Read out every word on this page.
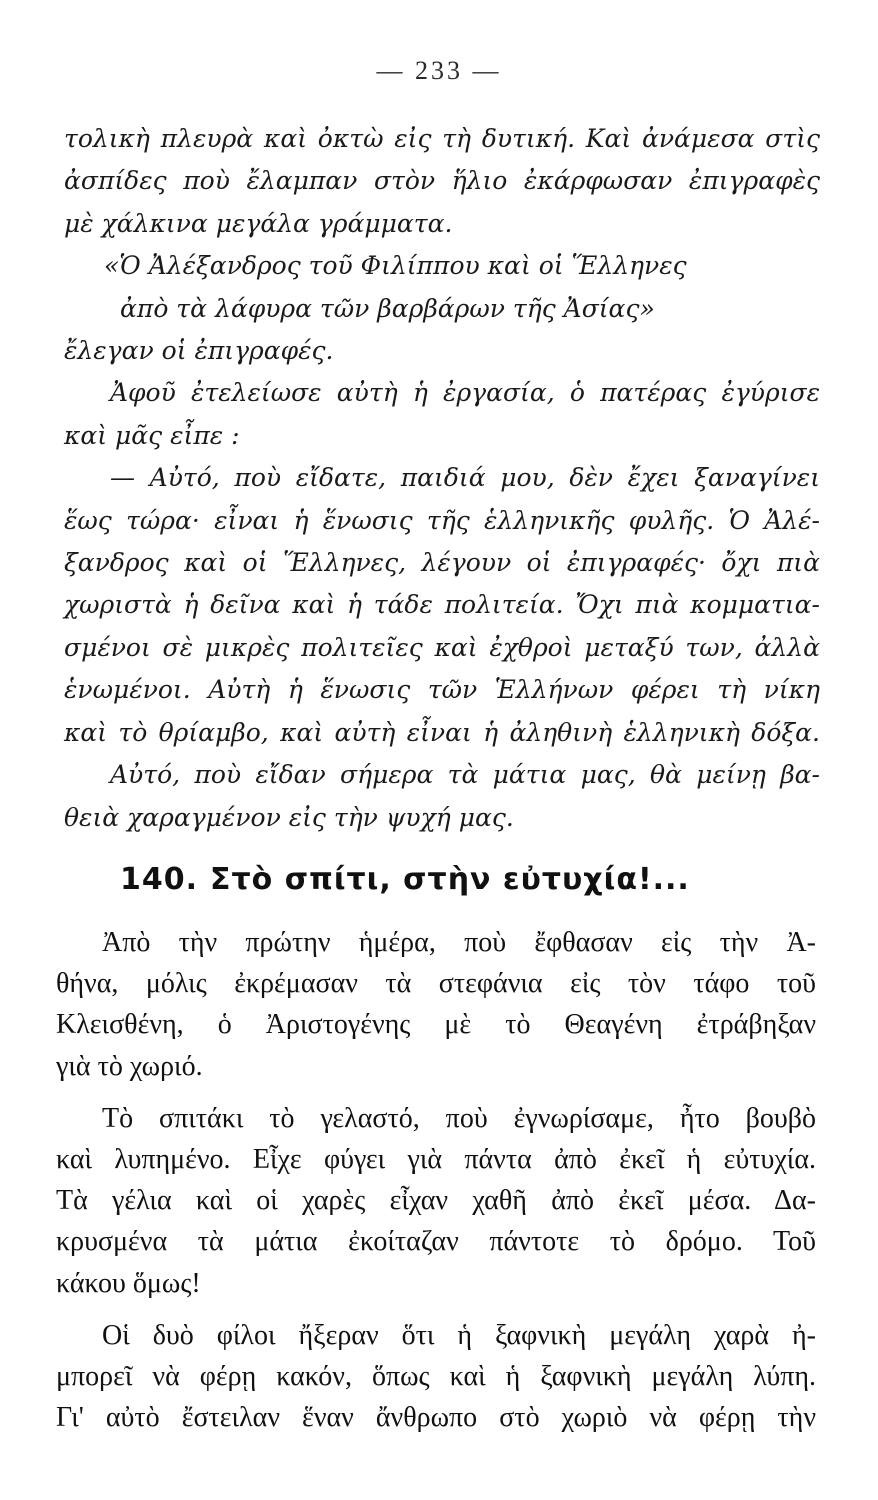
— 233 —
τολικὴ πλευρὰ καὶ ὀκτὼ εἰς τὴ δυτική. Καὶ ἀνάμεσα στὶς
ἀσπίδες ποὺ ἔλαμπαν στὸν ἥλιο ἐκάρφωσαν ἐπιγραφὲς
μὲ χάλκινα μεγάλα γράμματα.
«Ὁ Ἀλέξανδρος τοῦ Φιλίππου καὶ οἱ Ἕλληνες
ἀπὸ τὰ λάφυρα τῶν βαρβάρων τῆς Ἀσίας»
ἔλεγαν οἱ ἐπιγραφές.
Ἀφοῦ ἐτελείωσε αὐτὴ ἡ ἐργασία, ὁ πατέρας ἐγύρισε
καὶ μᾶς εἶπε :
— Αὐτό, ποὺ εἴδατε, παιδιά μου, δὲν ἔχει ξαναγίνει
ἕως τώρα· εἶναι ἡ ἕνωσις τῆς ἑλληνικῆς φυλῆς. Ὁ Ἀλέ-
ξανδρος καὶ οἱ Ἕλληνες, λέγουν οἱ ἐπιγραφές· ὄχι πιὰ
χωριστὰ ἡ δεῖνα καὶ ἡ τάδε πολιτεία. Ὄχι πιὰ κομματια-
σμένοι σὲ μικρὲς πολιτεῖες καὶ ἐχθροὶ μεταξύ των, ἀλλὰ
ἑνωμένοι. Αὐτὴ ἡ ἕνωσις τῶν Ἑλλήνων φέρει τὴ νίκη
καὶ τὸ θρίαμβο, καὶ αὐτὴ εἶναι ἡ ἀληθινὴ ἑλληνικὴ δόξα.
Αὐτό, ποὺ εἴδαν σήμερα τὰ μάτια μας, θὰ μείνῃ βα-
θειὰ χαραγμένον εἰς τὴν ψυχή μας.
140. Στὸ σπίτι, στὴν εὐτυχία!...
Ἀπὸ τὴν πρώτην ἡμέρα, ποὺ ἔφθασαν εἰς τὴν Ἀ-
θήνα, μόλις ἐκρέμασαν τὰ στεφάνια εἰς τὸν τάφο τοῦ
Κλεισθένη, ὁ Ἀριστογένης μὲ τὸ Θεαγένη ἐτράβηξαν
γιὰ τὸ χωριό.
Τὸ σπιτάκι τὸ γελαστό, ποὺ ἐγνωρίσαμε, ἦτο βουβὸ
καὶ λυπημένο. Εἶχε φύγει γιὰ πάντα ἀπὸ ἐκεῖ ἡ εὐτυχία.
Τὰ γέλια καὶ οἱ χαρὲς εἶχαν χαθῆ ἀπὸ ἐκεῖ μέσα. Δα-
κρυσμένα τὰ μάτια ἐκοίταζαν πάντοτε τὸ δρόμο. Τοῦ
κάκου ὅμως!
Οἱ δυὸ φίλοι ἤξεραν ὅτι ἡ ξαφνικὴ μεγάλη χαρὰ ἠ-
μπορεῖ νὰ φέρῃ κακόν, ὅπως καὶ ἡ ξαφνικὴ μεγάλη λύπη.
Γι' αὐτὸ ἔστειλαν ἕναν ἄνθρωπο στὸ χωριὸ νὰ φέρῃ τὴν
